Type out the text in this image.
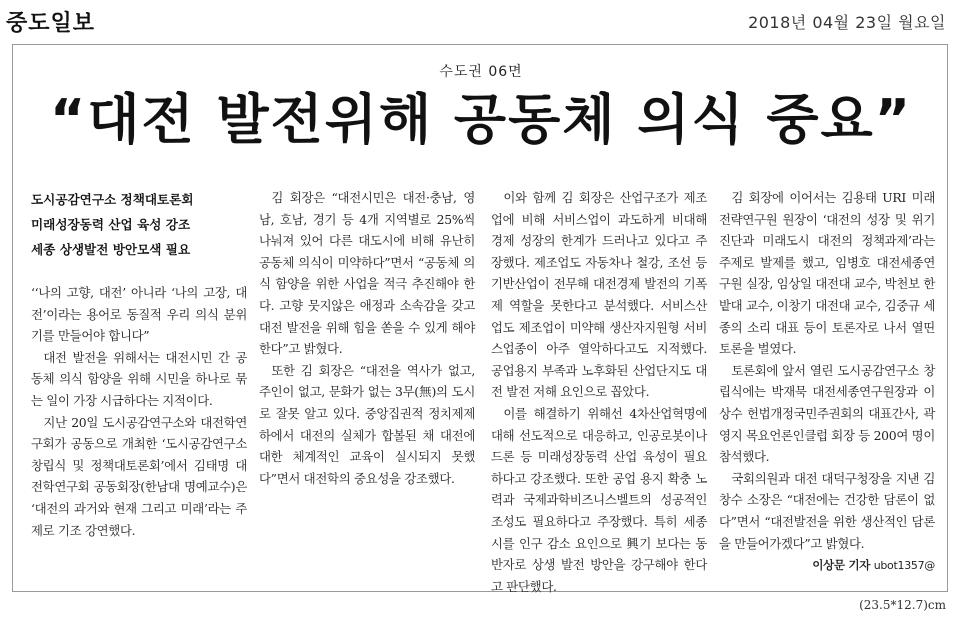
중도일보	2018년 04월 23일 월요일
수도권 06면
“대전 발전위해 공동체 의식 중요”
도시공감연구소 정책대토론회
미래성장동력 산업 육성 강조
세종 상생발전 방안모색 필요

‘‘나의 고향, 대전’ 아니라 ‘나의 고장, 대전’이라는 용어로 동질적 우리 의식 분위기를 만들어야 합니다”

대전 발전을 위해서는 대전시민 간 공동체 의식 함양을 위해 시민을 하나로 묶는 일이 가장 시급하다는 지적이다.

지난 20일 도시공감연구소와 대전학연구회가 공동으로 개최한 ‘도시공감연구소 창립식 및 정책대토론회’에서 김태명 대전학연구회 공동회장(한남대 명예교수)은 ‘대전의 과거와 현재 그리고 미래’라는 주제로 기조 강연했다.

김 회장은 “대전시민은 대전·충남, 영남, 호남, 경기 등 4개 지역별로 25%씩 나눠져 있어 다른 대도시에 비해 유난히 공동체 의식이 미약하다”면서 “공동체 의식 함양을 위한 사업을 적극 추진해야 한다. 고향 뭇지않은 애정과 소속감을 갖고 대전 발전을 위해 힘을 쏟을 수 있게 해야 한다”고 밝혔다.

또한 김 회장은 “대전을 역사가 없고, 주인이 없고, 문화가 없는 3무(無)의 도시로 잘못 알고 있다. 중앙집권적 정치제제 하에서 대전의 실체가 합볼된 채 대전에 대한 체계적인 교육이 실시되지 못했다”면서 대전학의 중요성을 강조했다.

이와 함께 김 회장은 산업구조가 제조업에 비해 서비스업이 과도하게 비대해 경제 성장의 한계가 드러나고 있다고 주장했다. 제조업도 자동차나 철강, 조선 등 기반산업이 전무해 대전경제 발전의 기폭제 역할을 못한다고 분석했다. 서비스산업도 제조업이 미약해 생산자지원형 서비스업종이 아주 열악하다고도 지적했다. 공업용지 부족과 노후화된 산업단지도 대전 발전 저해 요인으로 꼽았다.

이를 해결하기 위해선 4차산업혁명에 대해 선도적으로 대응하고, 인공로봇이나 드론 등 미래성장동력 산업 육성이 필요하다고 강조했다. 또한 공업 용지 확충 노력과 국제과학비즈니스벨트의 성공적인 조성도 필요하다고 주장했다. 특히 세종시를 인구 감소 요인으로 興기 보다는 동반자로 상생 발전 방안을 강구해야 한다고 판단했다.

김 회장에 이어서는 김용태 URI 미래전략연구원 원장이 ‘대전의 성장 및 위기 진단과 미래도시 대전의 정책과제’라는 주제로 발제를 했고, 임병호 대전세종연구원 실장, 임상일 대전대 교수, 박천보 한밭대 교수, 이창기 대전대 교수, 김중규 세종의 소리 대표 등이 토론자로 나서 열띤 토론을 벌였다.

토론회에 앞서 열린 도시공감연구소 창립식에는 박재묵 대전세종연구원장과 이상수 헌법개정국민주권회의 대표간사, 곽영지 목요언론인클럽 회장 등 200여 명이 참석했다.

국회의원과 대전 대덕구청장을 지낸 김창수 소장은 “대전에는 건강한 담론이 없다”면서 “대전발전을 위한 생산적인 담론을 만들어가겠다”고 밝혔다.

이상문 기자 ubot1357@
(23.5*12.7)cm
